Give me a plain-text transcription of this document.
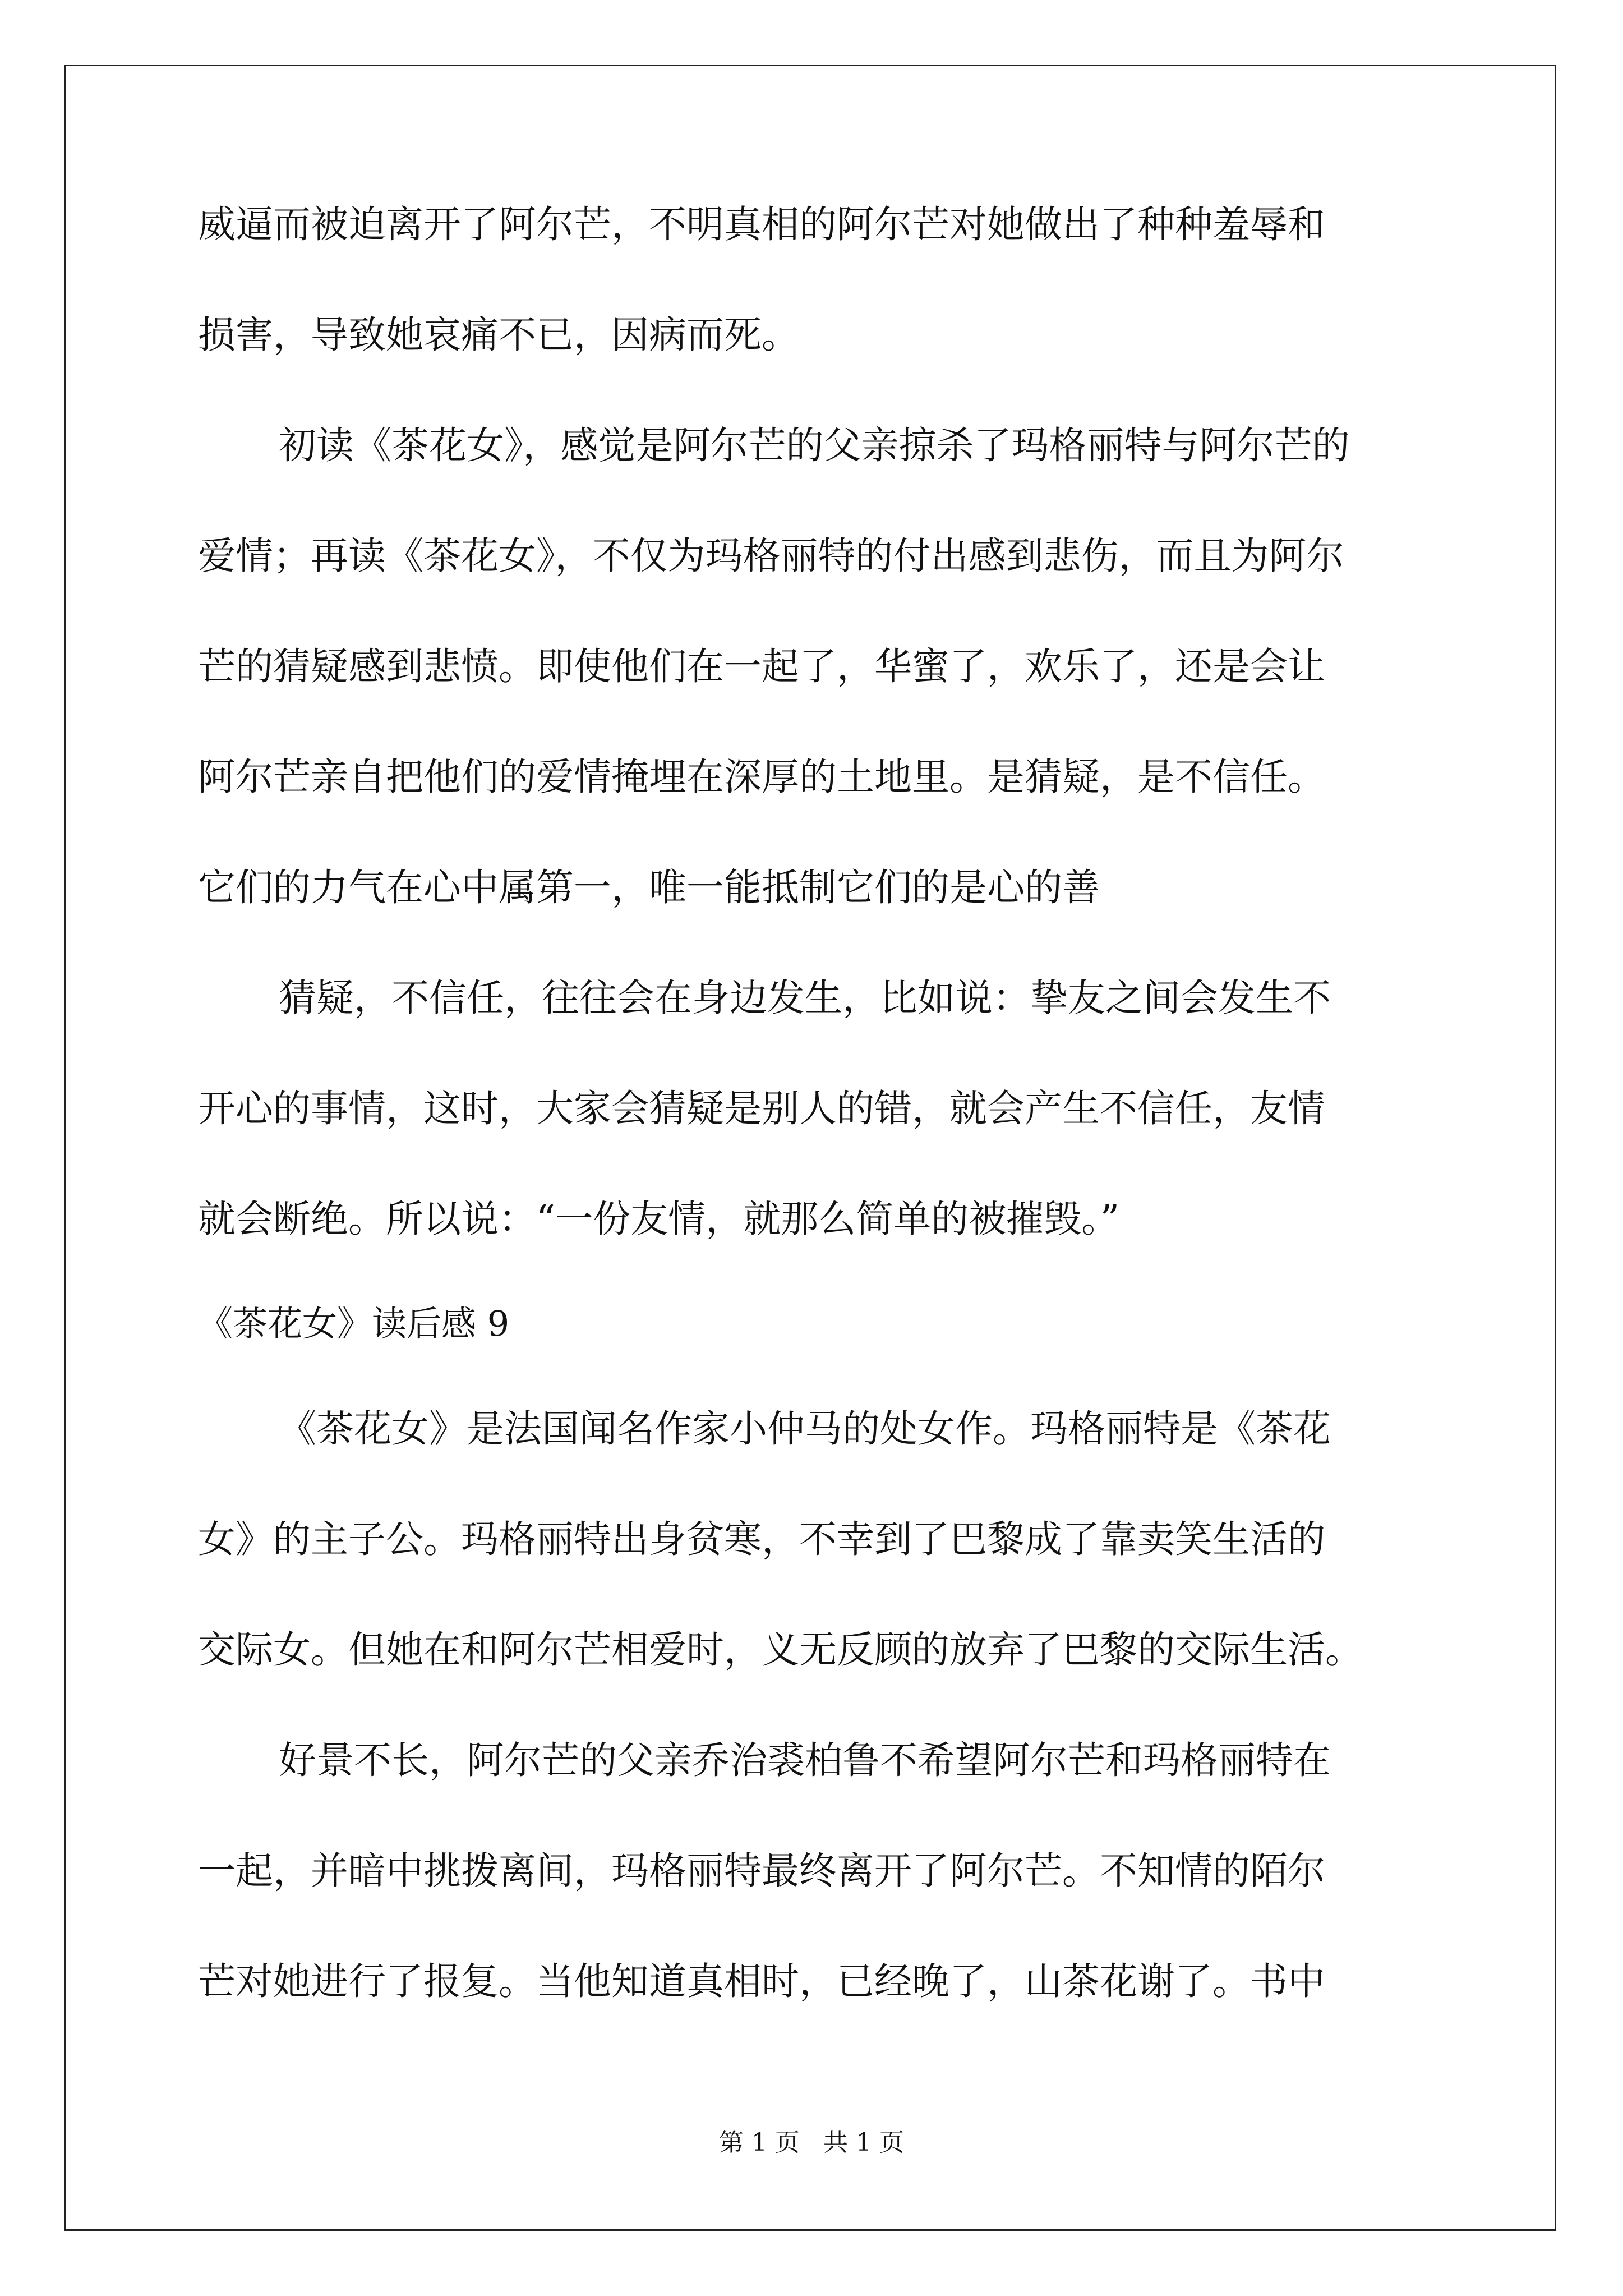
威逼而被迫离开了阿尔芒，不明真相的阿尔芒对她做出了种种羞辱和
损害，导致她哀痛不已，因病而死。
初读《茶花女》，感觉是阿尔芒的父亲掠杀了玛格丽特与阿尔芒的
爱情；再读《茶花女》，不仅为玛格丽特的付出感到悲伤，而且为阿尔
芒的猜疑感到悲愤。即使他们在一起了，华蜜了，欢乐了，还是会让
阿尔芒亲自把他们的爱情掩埋在深厚的土地里。是猜疑，是不信任。
它们的力气在心中属第一，唯一能抵制它们的是心的善
猜疑，不信任，往往会在身边发生，比如说：挚友之间会发生不
开心的事情，这时，大家会猜疑是别人的错，就会产生不信任，友情
就会断绝。所以说：“一份友情，就那么简单的被摧毁。”
《茶花女》读后感 9
《茶花女》是法国闻名作家小仲马的处女作。玛格丽特是《茶花
女》的主子公。玛格丽特出身贫寒，不幸到了巴黎成了靠卖笑生活的
交际女。但她在和阿尔芒相爱时，义无反顾的放弃了巴黎的交际生活。
好景不长，阿尔芒的父亲乔治裘柏鲁不希望阿尔芒和玛格丽特在
一起，并暗中挑拨离间，玛格丽特最终离开了阿尔芒。不知情的陌尔
芒对她进行了报复。当他知道真相时，已经晚了，山茶花谢了。书中
第 1 页   共 1 页
